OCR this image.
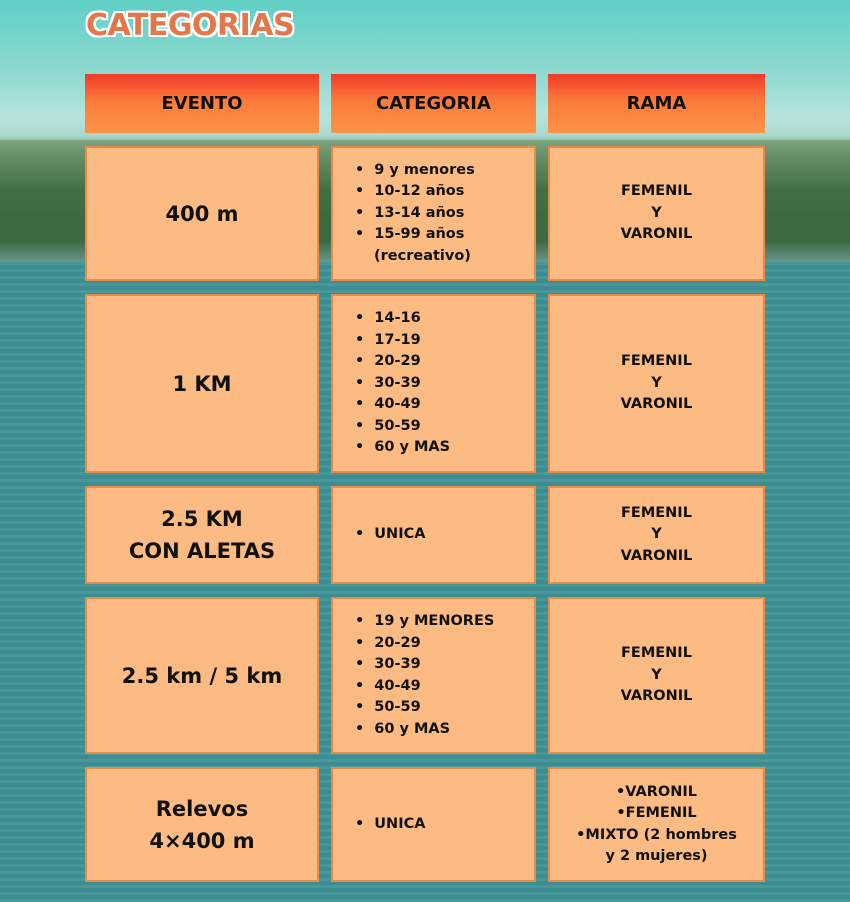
CATEGORIAS
EVENTO	CATEGORIA	RAMA
400 m
• 9 y menores
• 10-12 años
• 13-14 años
• 15-99 años
(recreativo)
FEMENIL
Y
VARONIL
1 KM
• 14-16
• 17-19
• 20-29
• 30-39
• 40-49
• 50-59
• 60 y MAS
FEMENIL
Y
VARONIL
2.5 KM
CON ALETAS
• UNICA
FEMENIL
Y
VARONIL
2.5 km / 5 km
• 19 y MENORES
• 20-29
• 30-39
• 40-49
• 50-59
• 60 y MAS
FEMENIL
Y
VARONIL
Relevos
4×400 m
• UNICA
•VARONIL
•FEMENIL
•MIXTO (2 hombres
y 2 mujeres)
